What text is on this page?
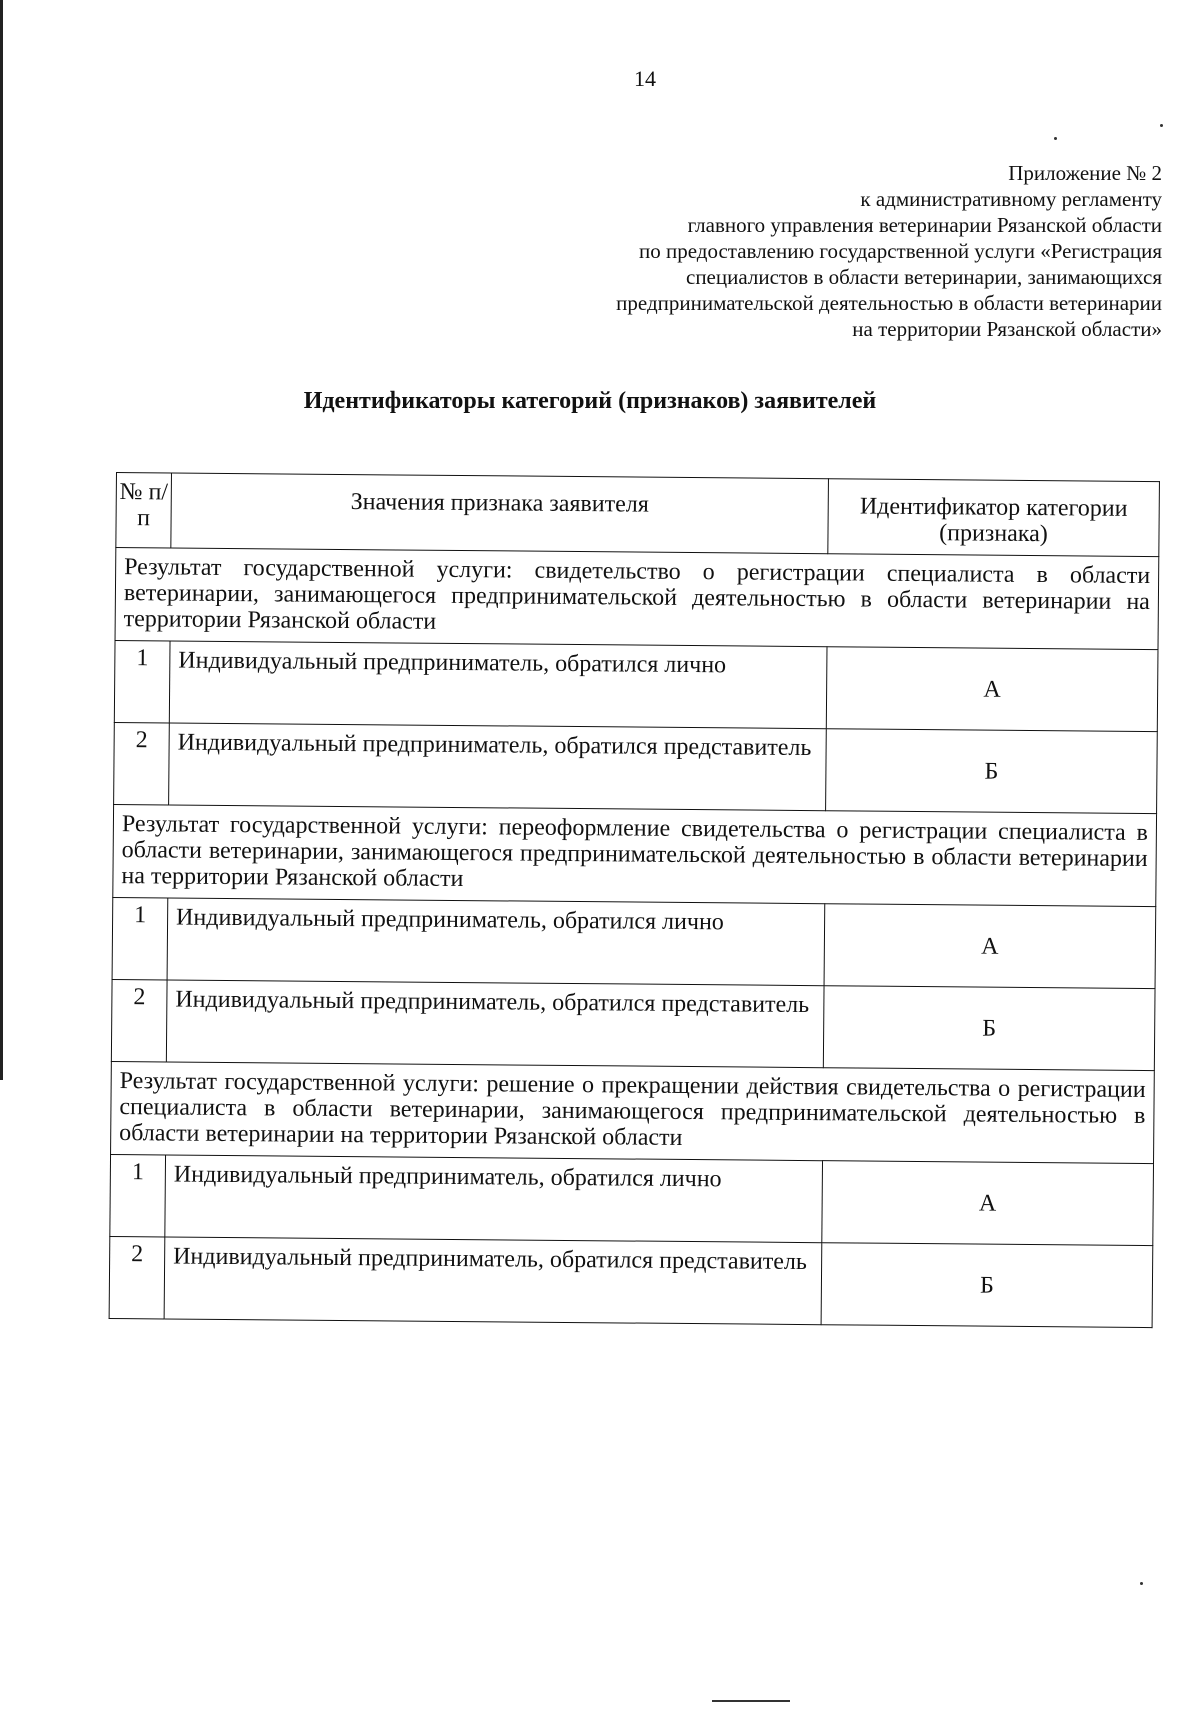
14
Приложение № 2
к административному регламенту
главного управления ветеринарии Рязанской области
по предоставлению государственной услуги «Регистрация
специалистов в области ветеринарии, занимающихся
предпринимательской деятельностью в области ветеринарии
на территории Рязанской области»
Идентификаторы категорий (признаков) заявителей
№ п/п	Значения признака заявителя	Идентификатор категории (признака)
Результат государственной услуги: свидетельство о регистрации специалиста в области ветеринарии, занимающегося предпринимательской деятельностью в области ветеринарии на территории Рязанской области		
1	Индивидуальный предприниматель, обратился лично	А
2	Индивидуальный предприниматель, обратился представитель	Б
Результат государственной услуги: переоформление свидетельства о регистрации специалиста в области ветеринарии, занимающегося предпринимательской деятельностью в области ветеринарии на территории Рязанской области		
1	Индивидуальный предприниматель, обратился лично	А
2	Индивидуальный предприниматель, обратился представитель	Б
Результат государственной услуги: решение о прекращении действия свидетельства о регистрации специалиста в области ветеринарии, занимающегося предпринимательской деятельностью в области ветеринарии на территории Рязанской области		
1	Индивидуальный предприниматель, обратился лично	А
2	Индивидуальный предприниматель, обратился представитель	Б
